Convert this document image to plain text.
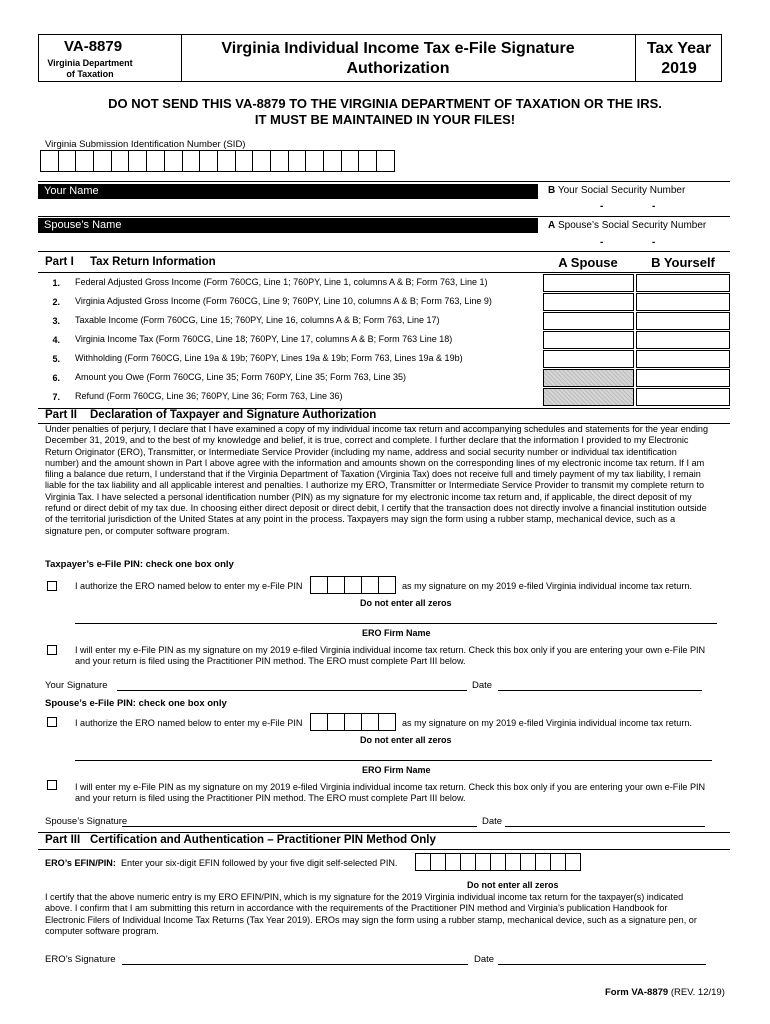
VA-8879
Virginia Department
of Taxation
Virginia Individual Income Tax e-File Signature
Authorization
Tax Year
2019
DO NOT SEND THIS VA-8879 TO THE VIRGINIA DEPARTMENT OF TAXATION OR THE IRS.
IT MUST BE MAINTAINED IN YOUR FILES!
Virginia Submission Identification Number (SID)
Your Name	B Your Social Security Number
-	-
Spouse’s Name	A Spouse’s Social Security Number
-	-
Part I Tax Return Information	A Spouse	B Yourself
1. Federal Adjusted Gross Income (Form 760CG, Line 1; 760PY, Line 1, columns A & B; Form 763, Line 1)
2. Virginia Adjusted Gross Income (Form 760CG, Line 9; 760PY, Line 10, columns A & B; Form 763, Line 9)
3. Taxable Income (Form 760CG, Line 15; 760PY, Line 16, columns A & B; Form 763, Line 17)
4. Virginia Income Tax (Form 760CG, Line 18; 760PY, Line 17, columns A & B; Form 763 Line 18)
5. Withholding (Form 760CG, Line 19a & 19b; 760PY, Lines 19a & 19b; Form 763, Lines 19a & 19b)
6. Amount you Owe (Form 760CG, Line 35; Form 760PY, Line 35; Form 763, Line 35)
7. Refund (Form 760CG, Line 36; 760PY, Line 36; Form 763, Line 36)
Part II Declaration of Taxpayer and Signature Authorization
Under penalties of perjury, I declare that I have examined a copy of my individual income tax return and accompanying schedules and statements for the year ending
December 31, 2019, and to the best of my knowledge and belief, it is true, correct and complete. I further declare that the information I provided to my Electronic
Return Originator (ERO), Transmitter, or Intermediate Service Provider (including my name, address and social security number or individual tax identification
number) and the amount shown in Part I above agree with the information and amounts shown on the corresponding lines of my electronic income tax return. If I am
filing a balance due return, I understand that if the Virginia Department of Taxation (Virginia Tax) does not receive full and timely payment of my tax liability, I remain
liable for the tax liability and all applicable interest and penalties. I authorize my ERO, Transmitter or Intermediate Service Provider to transmit my complete return to
Virginia Tax. I have selected a personal identification number (PIN) as my signature for my electronic income tax return and, if applicable, the direct deposit of my
refund or direct debit of my tax due. In choosing either direct deposit or direct debit, I certify that the transaction does not directly involve a financial institution outside
of the territorial jurisdiction of the United States at any point in the process. Taxpayers may sign the form using a rubber stamp, mechanical device, such as a
signature pen, or computer software program.
Taxpayer’s e-File PIN: check one box only
I authorize the ERO named below to enter my e-File PIN	as my signature on my 2019 e-filed Virginia individual income tax return.
Do not enter all zeros
ERO Firm Name
I will enter my e-File PIN as my signature on my 2019 e-filed Virginia individual income tax return. Check this box only if you are entering your own e-File PIN
and your return is filed using the Practitioner PIN method. The ERO must complete Part III below.
Your Signature	Date
Spouse’s e-File PIN: check one box only
I authorize the ERO named below to enter my e-File PIN	as my signature on my 2019 e-filed Virginia individual income tax return.
Do not enter all zeros
ERO Firm Name
I will enter my e-File PIN as my signature on my 2019 e-filed Virginia individual income tax return. Check this box only if you are entering your own e-File PIN
and your return is filed using the Practitioner PIN method. The ERO must complete Part III below.
Spouse’s Signature	Date
Part III Certification and Authentication – Practitioner PIN Method Only
ERO’s EFIN/PIN: Enter your six-digit EFIN followed by your five digit self-selected PIN.
Do not enter all zeros
I certify that the above numeric entry is my ERO EFIN/PIN, which is my signature for the 2019 Virginia individual income tax return for the taxpayer(s) indicated
above. I confirm that I am submitting this return in accordance with the requirements of the Practitioner PIN method and Virginia’s publication Handbook for
Electronic Filers of Individual Income Tax Returns (Tax Year 2019). EROs may sign the form using a rubber stamp, mechanical device, such as a signature pen, or
computer software program.
ERO’s Signature	Date
Form VA-8879 (REV. 12/19)
